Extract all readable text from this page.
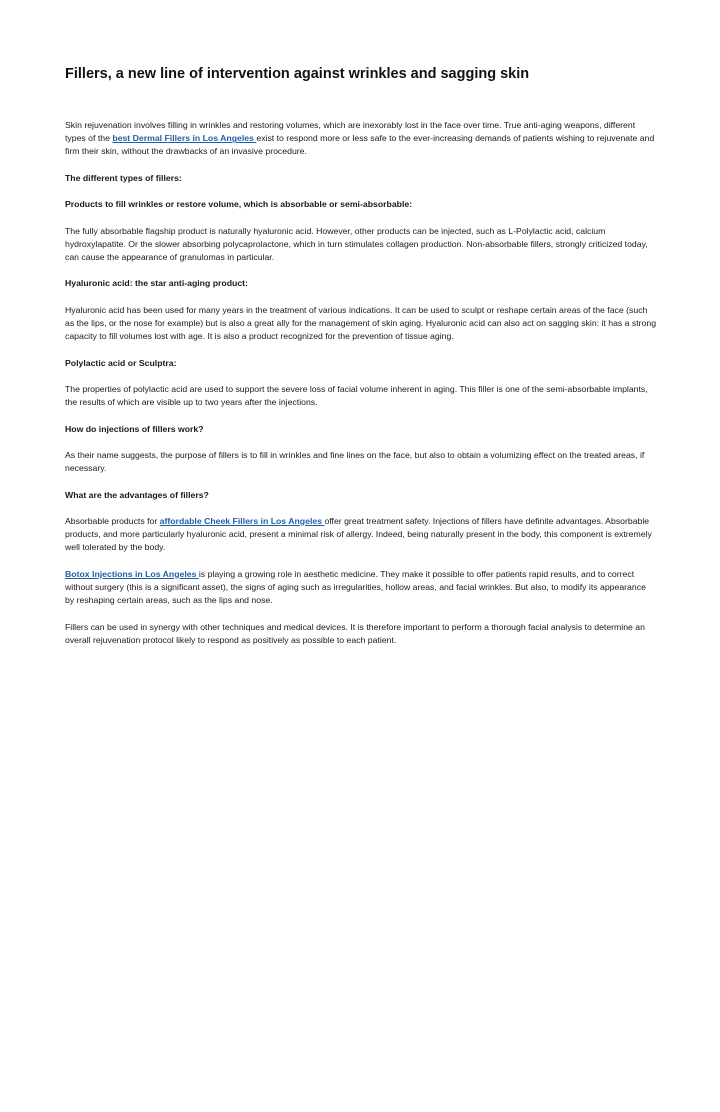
Fillers, a new line of intervention against wrinkles and sagging skin

Skin rejuvenation involves filling in wrinkles and restoring volumes, which are inexorably lost in the face over time. True anti-aging weapons, different types of the best Dermal Fillers in Los Angeles exist to respond more or less safe to the ever-increasing demands of patients wishing to rejuvenate and firm their skin, without the drawbacks of an invasive procedure.

The different types of fillers:

Products to fill wrinkles or restore volume, which is absorbable or semi-absorbable:

The fully absorbable flagship product is naturally hyaluronic acid. However, other products can be injected, such as L-Polylactic acid, calcium hydroxylapatite. Or the slower absorbing polycaprolactone, which in turn stimulates collagen production. Non-absorbable fillers, strongly criticized today, can cause the appearance of granulomas in particular.

Hyaluronic acid: the star anti-aging product:

Hyaluronic acid has been used for many years in the treatment of various indications. It can be used to sculpt or reshape certain areas of the face (such as the lips, or the nose for example) but is also a great ally for the management of skin aging. Hyaluronic acid can also act on sagging skin: it has a strong capacity to fill volumes lost with age. It is also a product recognized for the prevention of tissue aging.

Polylactic acid or Sculptra:

The properties of polylactic acid are used to support the severe loss of facial volume inherent in aging. This filler is one of the semi-absorbable implants, the results of which are visible up to two years after the injections.

How do injections of fillers work?

As their name suggests, the purpose of fillers is to fill in wrinkles and fine lines on the face, but also to obtain a volumizing effect on the treated areas, if necessary.

What are the advantages of fillers?

Absorbable products for affordable Cheek Fillers in Los Angeles offer great treatment safety. Injections of fillers have definite advantages. Absorbable products, and more particularly hyaluronic acid, present a minimal risk of allergy. Indeed, being naturally present in the body, this component is extremely well tolerated by the body.

Botox Injections in Los Angeles is playing a growing role in aesthetic medicine. They make it possible to offer patients rapid results, and to correct without surgery (this is a significant asset), the signs of aging such as irregularities, hollow areas, and facial wrinkles. But also, to modify its appearance by reshaping certain areas, such as the lips and nose.

Fillers can be used in synergy with other techniques and medical devices. It is therefore important to perform a thorough facial analysis to determine an overall rejuvenation protocol likely to respond as positively as possible to each patient.
